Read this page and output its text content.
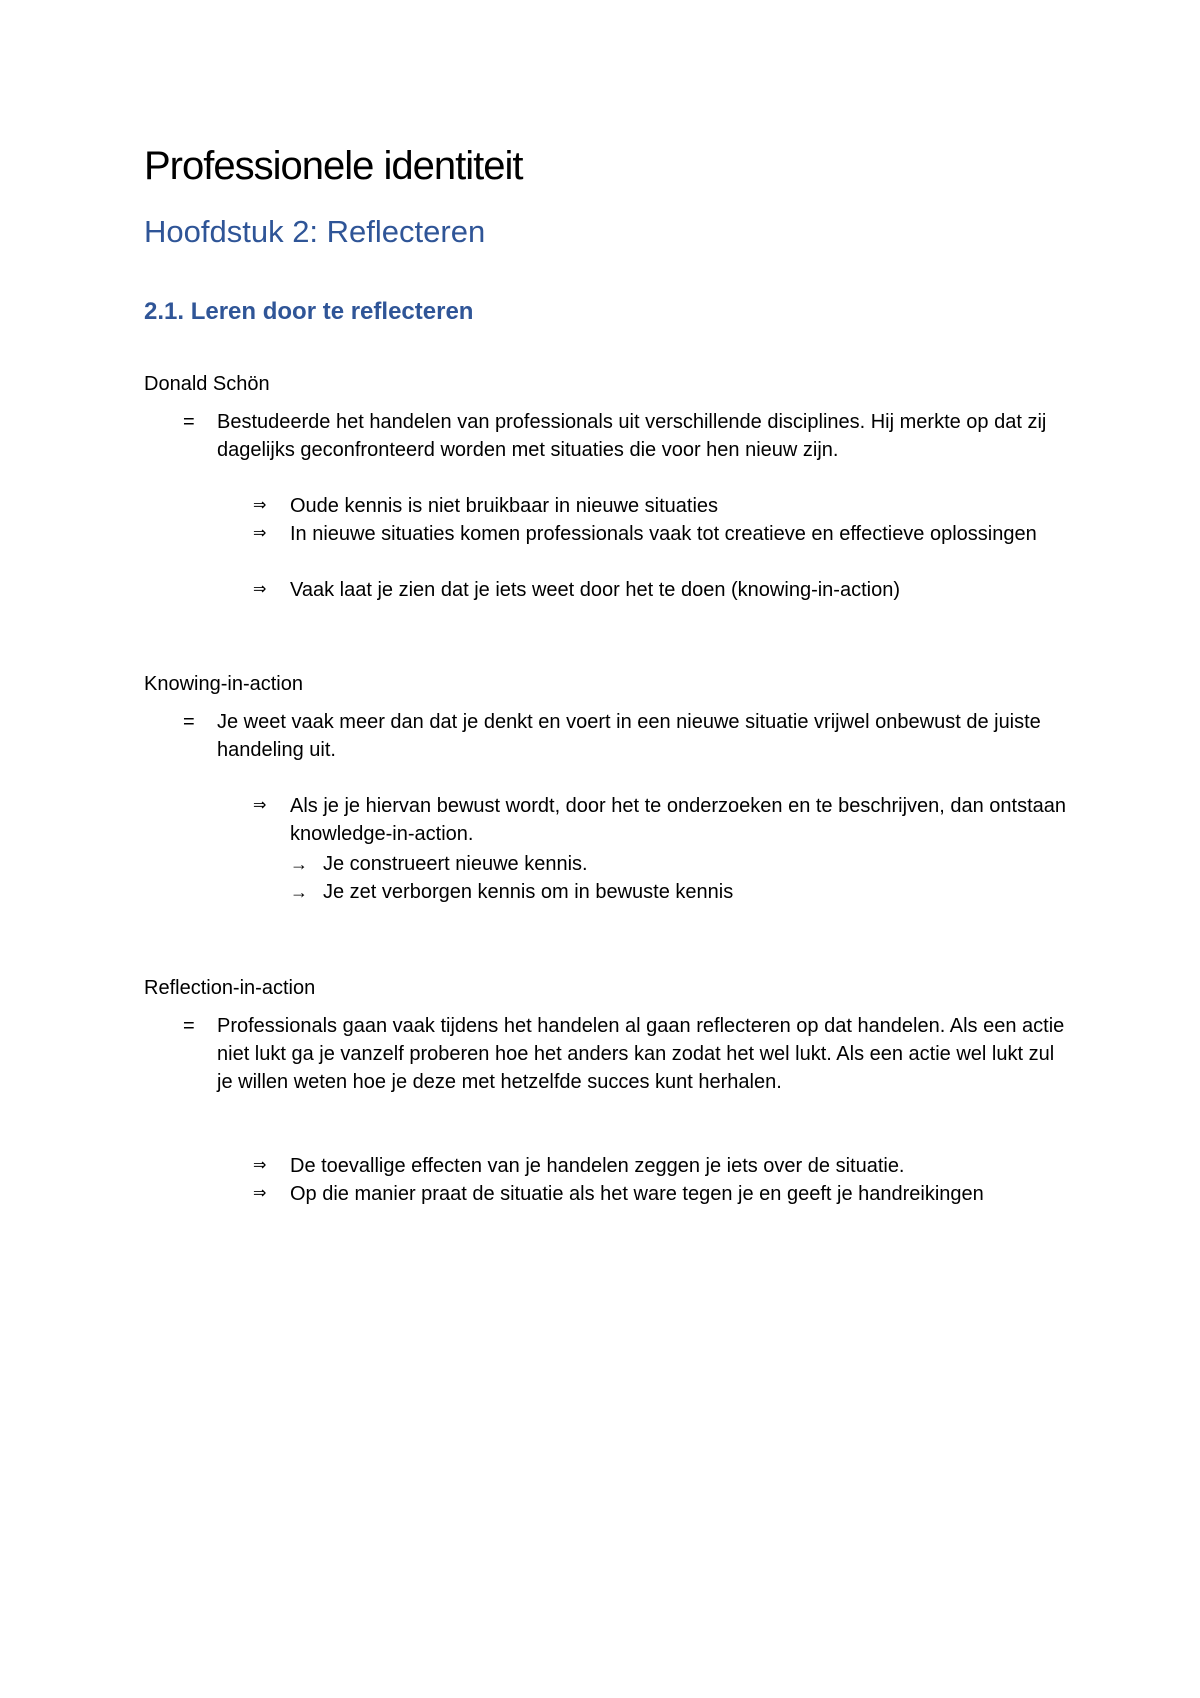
Professionele identiteit
Hoofdstuk 2: Reflecteren
2.1. Leren door te reflecteren
Donald Schön
= Bestudeerde het handelen van professionals uit verschillende disciplines. Hij merkte op dat zij dagelijks geconfronteerd worden met situaties die voor hen nieuw zijn.
⇒ Oude kennis is niet bruikbaar in nieuwe situaties
⇒ In nieuwe situaties komen professionals vaak tot creatieve en effectieve oplossingen
⇒ Vaak laat je zien dat je iets weet door het te doen (knowing-in-action)
Knowing-in-action
= Je weet vaak meer dan dat je denkt en voert in een nieuwe situatie vrijwel onbewust de juiste handeling uit.
⇒ Als je je hiervan bewust wordt, door het te onderzoeken en te beschrijven, dan ontstaan knowledge-in-action.
→ Je construeert nieuwe kennis.
→ Je zet verborgen kennis om in bewuste kennis
Reflection-in-action
= Professionals gaan vaak tijdens het handelen al gaan reflecteren op dat handelen. Als een actie niet lukt ga je vanzelf proberen hoe het anders kan zodat het wel lukt. Als een actie wel lukt zul je willen weten hoe je deze met hetzelfde succes kunt herhalen.
⇒ De toevallige effecten van je handelen zeggen je iets over de situatie.
⇒ Op die manier praat de situatie als het ware tegen je en geeft je handreikingen
